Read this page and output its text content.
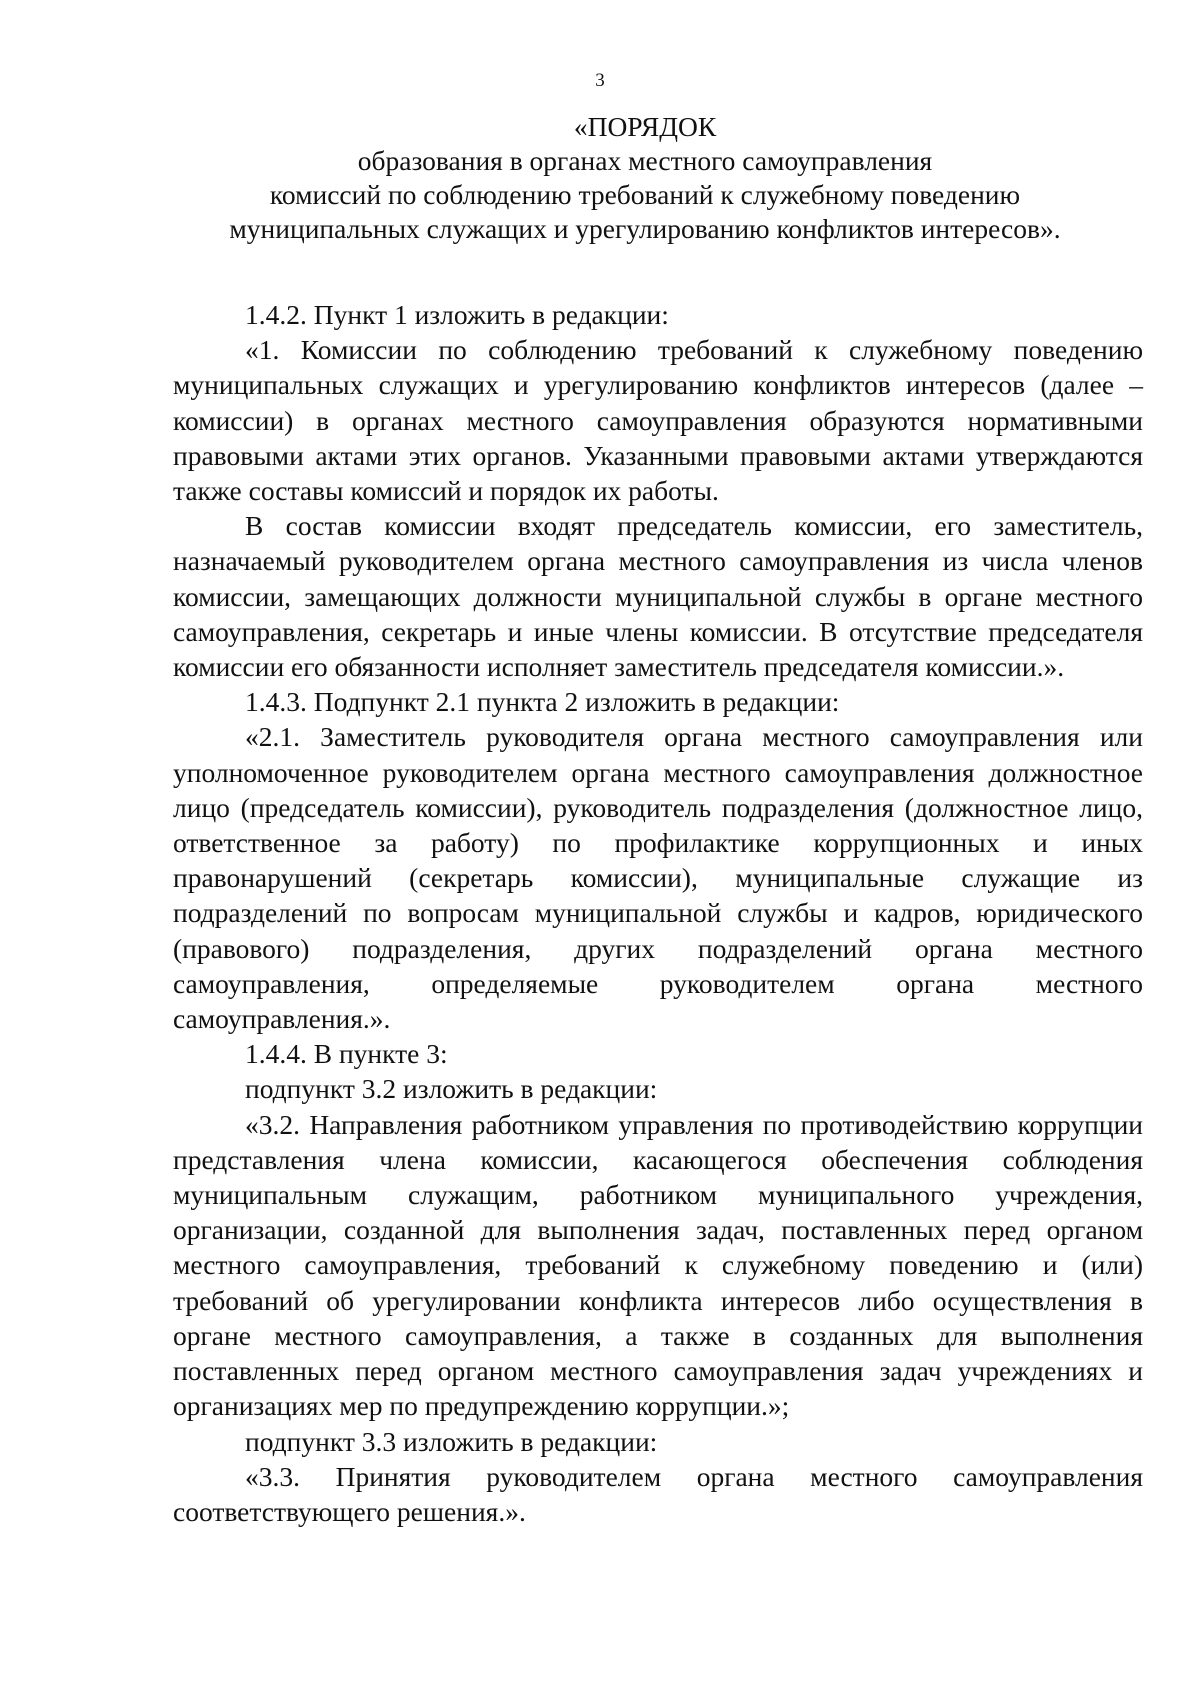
3
«ПОРЯДОК
образования в органах местного самоуправления
комиссий по соблюдению требований к служебному поведению
муниципальных служащих и урегулированию конфликтов интересов».

1.4.2. Пункт 1 изложить в редакции:

«1. Комиссии по соблюдению требований к служебному поведению муниципальных служащих и урегулированию конфликтов интересов (далее – комиссии) в органах местного самоуправления образуются нормативными правовыми актами этих органов. Указанными правовыми актами утверждаются также составы комиссий и порядок их работы.

В состав комиссии входят председатель комиссии, его заместитель, назначаемый руководителем органа местного самоуправления из числа членов комиссии, замещающих должности муниципальной службы в органе местного самоуправления, секретарь и иные члены комиссии. В отсутствие председателя комиссии его обязанности исполняет заместитель председателя комиссии.».

1.4.3. Подпункт 2.1 пункта 2 изложить в редакции:

«2.1. Заместитель руководителя органа местного самоуправления или уполномоченное руководителем органа местного самоуправления должностное лицо (председатель комиссии), руководитель подразделения (должностное лицо, ответственное за работу) по профилактике коррупционных и иных правонарушений (секретарь комиссии), муниципальные служащие из подразделений по вопросам муниципальной службы и кадров, юридического (правового) подразделения, других подразделений органа местного самоуправления, определяемые руководителем органа местного самоуправления.».

1.4.4. В пункте 3:

подпункт 3.2 изложить в редакции:

«3.2. Направления работником управления по противодействию коррупции представления члена комиссии, касающегося обеспечения соблюдения муниципальным служащим, работником муниципального учреждения, организации, созданной для выполнения задач, поставленных перед органом местного самоуправления, требований к служебному поведению и (или) требований об урегулировании конфликта интересов либо осуществления в органе местного самоуправления, а также в созданных для выполнения поставленных перед органом местного самоуправления задач учреждениях и организациях мер по предупреждению коррупции.»;

подпункт 3.3 изложить в редакции:

«3.3. Принятия руководителем органа местного самоуправления соответствующего решения.».
